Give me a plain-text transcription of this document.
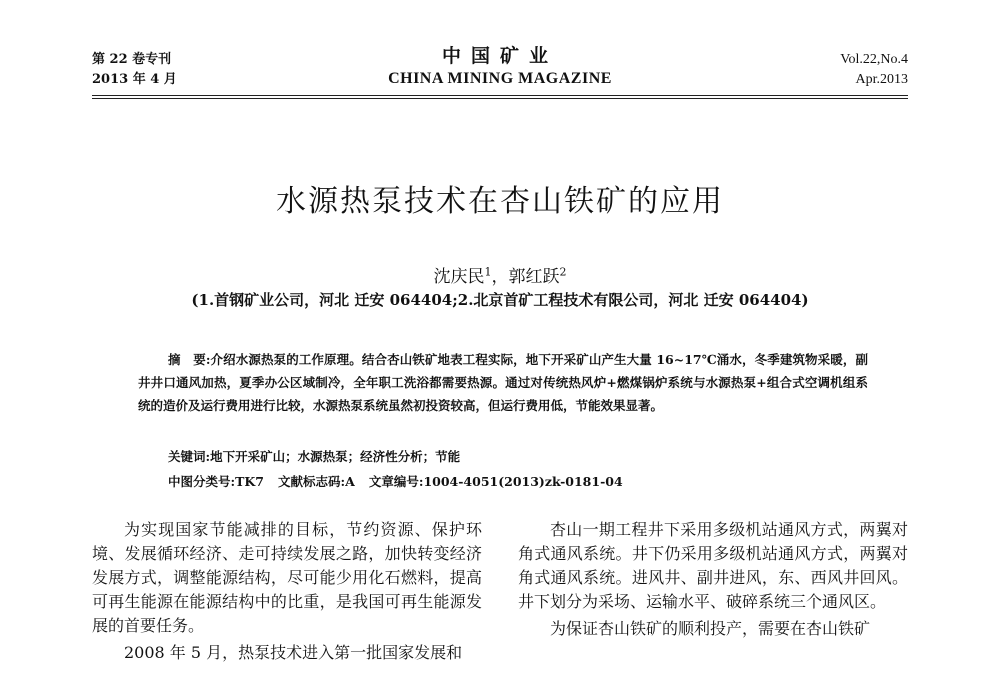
第 22 卷专刊
2013 年 4 月
中国矿业
CHINA MINING MAGAZINE
Vol.22,No.4
Apr.2013
水源热泵技术在杏山铁矿的应用
沈庆民$^1$，郭红跃$^2$
(1.首钢矿业公司，河北 迁安 064404;2.北京首矿工程技术有限公司，河北 迁安 064404)
摘　要:介绍水源热泵的工作原理。结合杏山铁矿地表工程实际，地下开采矿山产生大量 16~17℃涌水，冬季建筑物采暖，副井井口通风加热，夏季办公区域制冷，全年职工洗浴都需要热源。通过对传统热风炉+燃煤锅炉系统与水源热泵+组合式空调机组系统的造价及运行费用进行比较，水源热泵系统虽然初投资较高，但运行费用低，节能效果显著。
关键词:地下开采矿山；水源热泵；经济性分析；节能
中图分类号:TK7 文献标志码:A 文章编号:1004-4051(2013)zk-0181-04

为实现国家节能减排的目标，节约资源、保护环境、发展循环经济、走可持续发展之路，加快转变经济发展方式，调整能源结构，尽可能少用化石燃料，提高可再生能源在能源结构中的比重，是我国可再生能源发展的首要任务。

2008 年 5 月，热泵技术进入第一批国家发展和

杏山一期工程井下采用多级机站通风方式，两翼对角式通风系统。井下仍采用多级机站通风方式，两翼对角式通风系统。进风井、副井进风，东、西风井回风。井下划分为采场、运输水平、破碎系统三个通风区。

为保证杏山铁矿的顺利投产，需要在杏山铁矿
